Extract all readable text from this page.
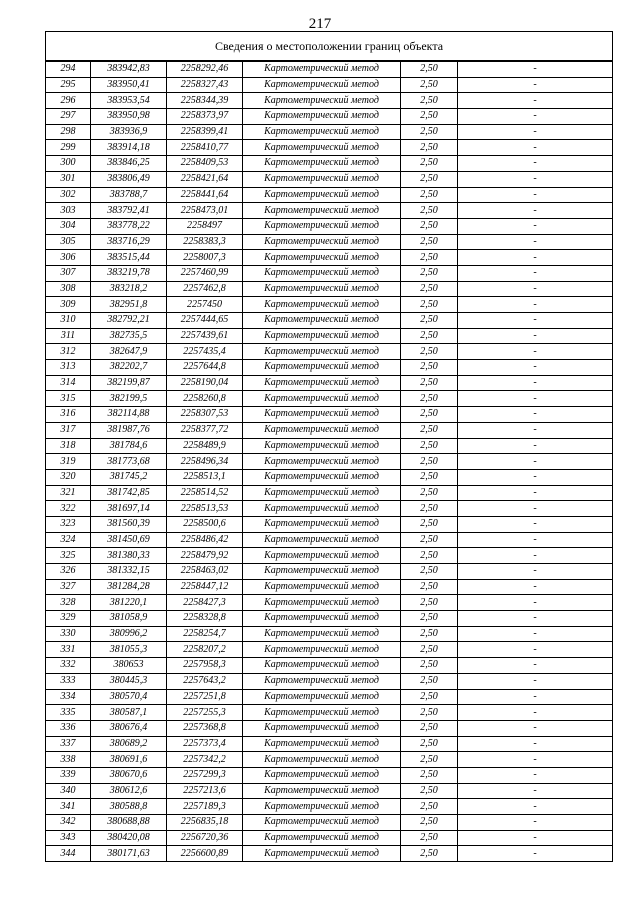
217
Сведения о местоположении границ объекта
294	383942,83	2258292,46	Картометрический метод	2,50	-
295	383950,41	2258327,43	Картометрический метод	2,50	-
296	383953,54	2258344,39	Картометрический метод	2,50	-
297	383950,98	2258373,97	Картометрический метод	2,50	-
298	383936,9	2258399,41	Картометрический метод	2,50	-
299	383914,18	2258410,77	Картометрический метод	2,50	-
300	383846,25	2258409,53	Картометрический метод	2,50	-
301	383806,49	2258421,64	Картометрический метод	2,50	-
302	383788,7	2258441,64	Картометрический метод	2,50	-
303	383792,41	2258473,01	Картометрический метод	2,50	-
304	383778,22	2258497	Картометрический метод	2,50	-
305	383716,29	2258383,3	Картометрический метод	2,50	-
306	383515,44	2258007,3	Картометрический метод	2,50	-
307	383219,78	2257460,99	Картометрический метод	2,50	-
308	383218,2	2257462,8	Картометрический метод	2,50	-
309	382951,8	2257450	Картометрический метод	2,50	-
310	382792,21	2257444,65	Картометрический метод	2,50	-
311	382735,5	2257439,61	Картометрический метод	2,50	-
312	382647,9	2257435,4	Картометрический метод	2,50	-
313	382202,7	2257644,8	Картометрический метод	2,50	-
314	382199,87	2258190,04	Картометрический метод	2,50	-
315	382199,5	2258260,8	Картометрический метод	2,50	-
316	382114,88	2258307,53	Картометрический метод	2,50	-
317	381987,76	2258377,72	Картометрический метод	2,50	-
318	381784,6	2258489,9	Картометрический метод	2,50	-
319	381773,68	2258496,34	Картометрический метод	2,50	-
320	381745,2	2258513,1	Картометрический метод	2,50	-
321	381742,85	2258514,52	Картометрический метод	2,50	-
322	381697,14	2258513,53	Картометрический метод	2,50	-
323	381560,39	2258500,6	Картометрический метод	2,50	-
324	381450,69	2258486,42	Картометрический метод	2,50	-
325	381380,33	2258479,92	Картометрический метод	2,50	-
326	381332,15	2258463,02	Картометрический метод	2,50	-
327	381284,28	2258447,12	Картометрический метод	2,50	-
328	381220,1	2258427,3	Картометрический метод	2,50	-
329	381058,9	2258328,8	Картометрический метод	2,50	-
330	380996,2	2258254,7	Картометрический метод	2,50	-
331	381055,3	2258207,2	Картометрический метод	2,50	-
332	380653	2257958,3	Картометрический метод	2,50	-
333	380445,3	2257643,2	Картометрический метод	2,50	-
334	380570,4	2257251,8	Картометрический метод	2,50	-
335	380587,1	2257255,3	Картометрический метод	2,50	-
336	380676,4	2257368,8	Картометрический метод	2,50	-
337	380689,2	2257373,4	Картометрический метод	2,50	-
338	380691,6	2257342,2	Картометрический метод	2,50	-
339	380670,6	2257299,3	Картометрический метод	2,50	-
340	380612,6	2257213,6	Картометрический метод	2,50	-
341	380588,8	2257189,3	Картометрический метод	2,50	-
342	380688,88	2256835,18	Картометрический метод	2,50	-
343	380420,08	2256720,36	Картометрический метод	2,50	-
344	380171,63	2256600,89	Картометрический метод	2,50	-
